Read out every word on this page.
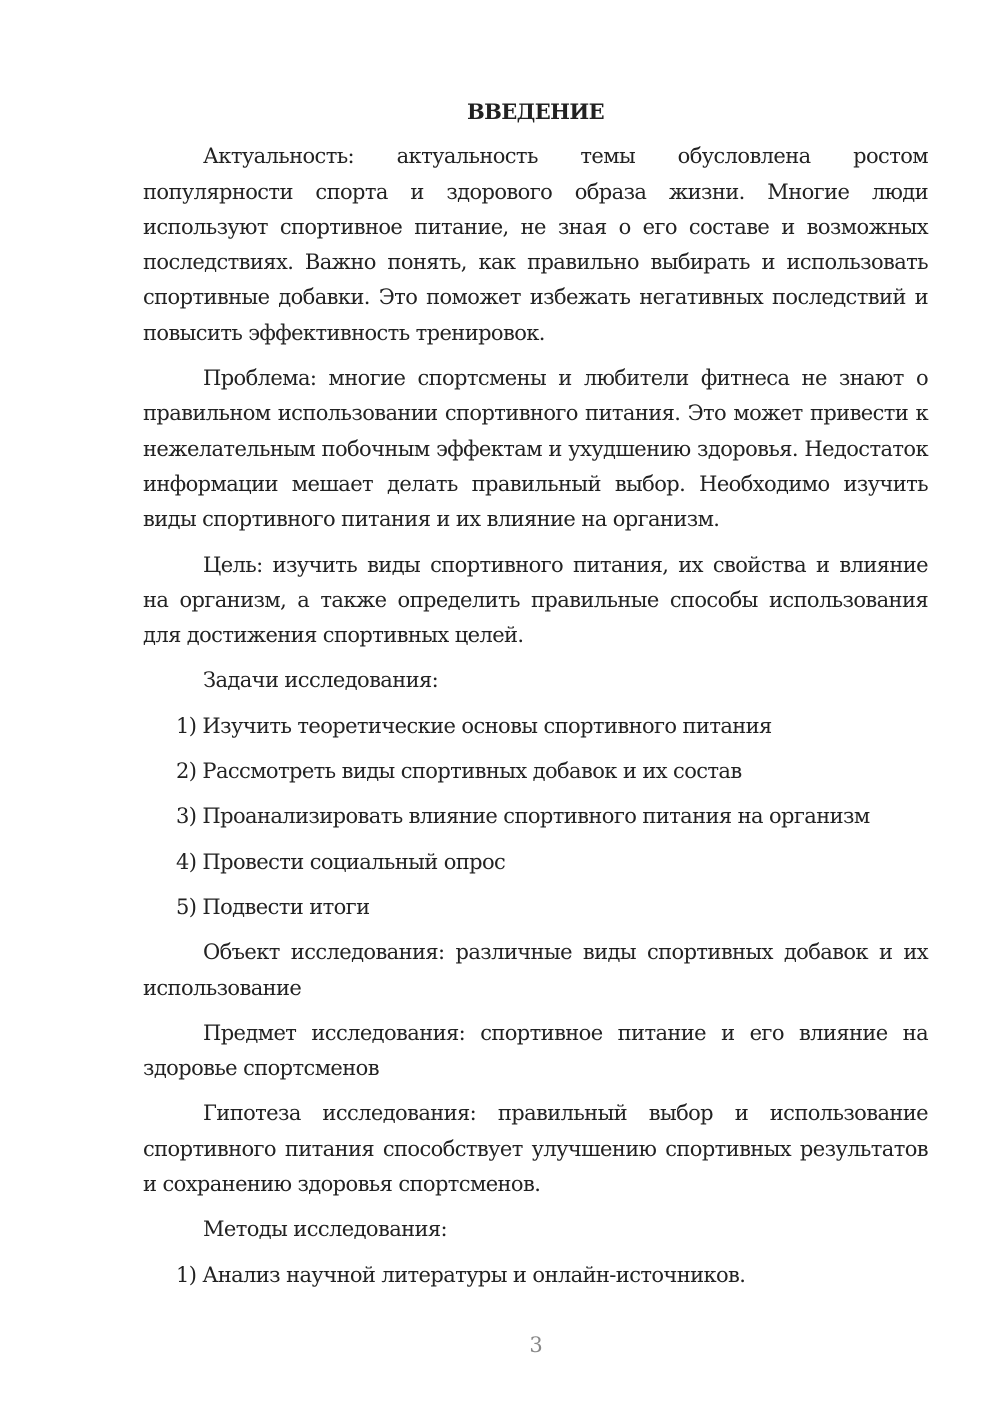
ВВЕДЕНИЕ

Актуальность: актуальность темы обусловлена ростом популярности спорта и здорового образа жизни. Многие люди используют спортивное питание, не зная о его составе и возможных последствиях. Важно понять, как правильно выбирать и использовать спортивные добавки. Это поможет избежать негативных последствий и повысить эффективность тренировок.

Проблема: многие спортсмены и любители фитнеса не знают о правильном использовании спортивного питания. Это может привести к нежелательным побочным эффектам и ухудшению здоровья. Недостаток информации мешает делать правильный выбор. Необходимо изучить виды спортивного питания и их влияние на организм.

Цель: изучить виды спортивного питания, их свойства и влияние на организм, а также определить правильные способы использования для достижения спортивных целей.

Задачи исследования:

1) Изучить теоретические основы спортивного питания
2) Рассмотреть виды спортивных добавок и их состав
3) Проанализировать влияние спортивного питания на организм
4) Провести социальный опрос
5) Подвести итоги

Объект исследования: различные виды спортивных добавок и их использование

Предмет исследования: спортивное питание и его влияние на здоровье спортсменов

Гипотеза исследования: правильный выбор и использование спортивного питания способствует улучшению спортивных результатов и сохранению здоровья спортсменов.

Методы исследования:

1) Анализ научной литературы и онлайн-источников.
3
